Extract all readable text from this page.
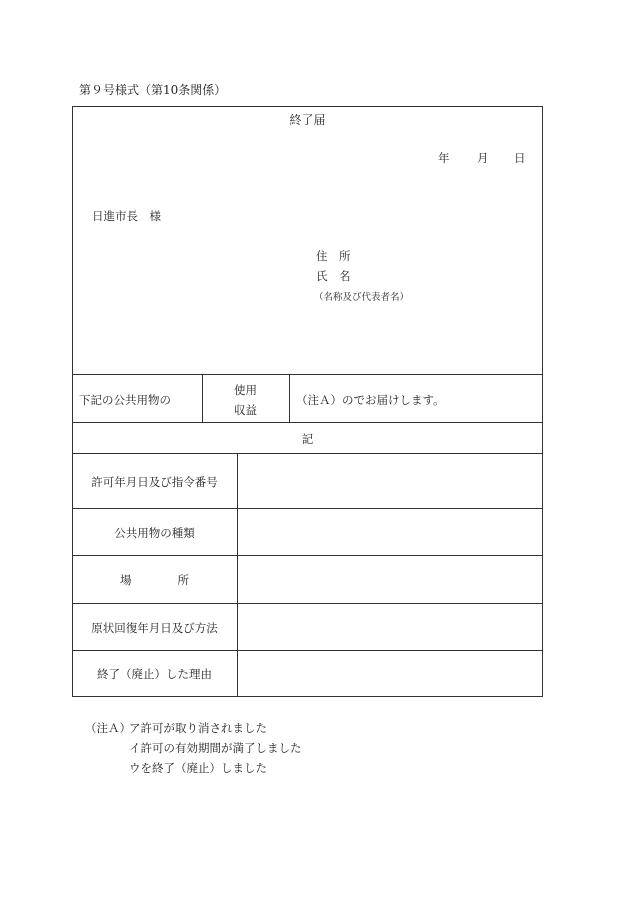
第９号様式（第10条関係）
終了届
年 月 日
日進市長　様
住　所
氏　名
（名称及び代表者名）
下記の公共用物の
使用
収益
（注Ａ）のでお届けします。
記
許可年月日及び指令番号
公共用物の種類
場　　　　所
原状回復年月日及び方法
終了（廃止）した理由
（注Ａ）
ア許可が取り消されました
イ許可の有効期間が満了しました
ウを終了（廃止）しました
